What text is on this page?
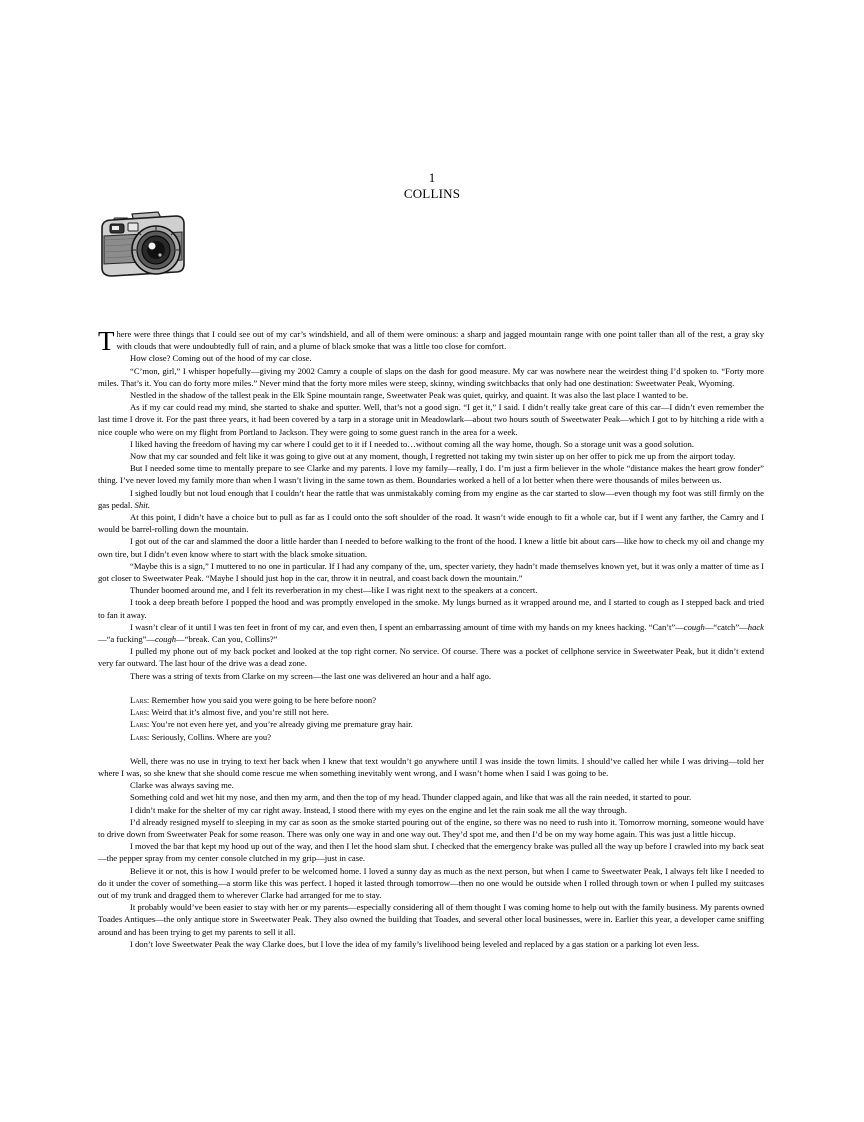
1
COLLINS

There were three things that I could see out of my car’s windshield, and all of them were ominous: a sharp and jagged mountain range with one point taller than all of the rest, a gray sky with clouds that were undoubtedly full of rain, and a plume of black smoke that was a little too close for comfort.

How close? Coming out of the hood of my car close.

“C’mon, girl,” I whisper hopefully—giving my 2002 Camry a couple of slaps on the dash for good measure. My car was nowhere near the weirdest thing I’d spoken to. “Forty more miles. That’s it. You can do forty more miles.” Never mind that the forty more miles were steep, skinny, winding switchbacks that only had one destination: Sweetwater Peak, Wyoming.

Nestled in the shadow of the tallest peak in the Elk Spine mountain range, Sweetwater Peak was quiet, quirky, and quaint. It was also the last place I wanted to be.

As if my car could read my mind, she started to shake and sputter. Well, that’s not a good sign. “I get it,” I said. I didn’t really take great care of this car—I didn’t even remember the last time I drove it. For the past three years, it had been covered by a tarp in a storage unit in Meadowlark—about two hours south of Sweetwater Peak—which I got to by hitching a ride with a nice couple who were on my flight from Portland to Jackson. They were going to some guest ranch in the area for a week.

I liked having the freedom of having my car where I could get to it if I needed to…without coming all the way home, though. So a storage unit was a good solution.

Now that my car sounded and felt like it was going to give out at any moment, though, I regretted not taking my twin sister up on her offer to pick me up from the airport today.

But I needed some time to mentally prepare to see Clarke and my parents. I love my family—really, I do. I’m just a firm believer in the whole “distance makes the heart grow fonder” thing. I’ve never loved my family more than when I wasn’t living in the same town as them. Boundaries worked a hell of a lot better when there were thousands of miles between us.

I sighed loudly but not loud enough that I couldn’t hear the rattle that was unmistakably coming from my engine as the car started to slow—even though my foot was still firmly on the gas pedal. Shit.

At this point, I didn’t have a choice but to pull as far as I could onto the soft shoulder of the road. It wasn’t wide enough to fit a whole car, but if I went any farther, the Camry and I would be barrel-rolling down the mountain.

I got out of the car and slammed the door a little harder than I needed to before walking to the front of the hood. I knew a little bit about cars—like how to check my oil and change my own tire, but I didn’t even know where to start with the black smoke situation.

“Maybe this is a sign,” I muttered to no one in particular. If I had any company of the, um, specter variety, they hadn’t made themselves known yet, but it was only a matter of time as I got closer to Sweetwater Peak. “Maybe I should just hop in the car, throw it in neutral, and coast back down the mountain.”

Thunder boomed around me, and I felt its reverberation in my chest—like I was right next to the speakers at a concert.

I took a deep breath before I popped the hood and was promptly enveloped in the smoke. My lungs burned as it wrapped around me, and I started to cough as I stepped back and tried to fan it away.

I wasn’t clear of it until I was ten feet in front of my car, and even then, I spent an embarrassing amount of time with my hands on my knees hacking. “Can’t”—cough—“catch”—hack—“a fucking”—cough—“break. Can you, Collins?”

I pulled my phone out of my back pocket and looked at the top right corner. No service. Of course. There was a pocket of cellphone service in Sweetwater Peak, but it didn’t extend very far outward. The last hour of the drive was a dead zone.

There was a string of texts from Clarke on my screen—the last one was delivered an hour and a half ago.

Lars: Remember how you said you were going to be here before noon?

Lars: Weird that it’s almost five, and you’re still not here.

Lars: You’re not even here yet, and you’re already giving me premature gray hair.

Lars: Seriously, Collins. Where are you?

Well, there was no use in trying to text her back when I knew that text wouldn’t go anywhere until I was inside the town limits. I should’ve called her while I was driving—told her where I was, so she knew that she should come rescue me when something inevitably went wrong, and I wasn’t home when I said I was going to be.

Clarke was always saving me.

Something cold and wet hit my nose, and then my arm, and then the top of my head. Thunder clapped again, and like that was all the rain needed, it started to pour.

I didn’t make for the shelter of my car right away. Instead, I stood there with my eyes on the engine and let the rain soak me all the way through.

I’d already resigned myself to sleeping in my car as soon as the smoke started pouring out of the engine, so there was no need to rush into it. Tomorrow morning, someone would have to drive down from Sweetwater Peak for some reason. There was only one way in and one way out. They’d spot me, and then I’d be on my way home again. This was just a little hiccup.

I moved the bar that kept my hood up out of the way, and then I let the hood slam shut. I checked that the emergency brake was pulled all the way up before I crawled into my back seat—the pepper spray from my center console clutched in my grip—just in case.

Believe it or not, this is how I would prefer to be welcomed home. I loved a sunny day as much as the next person, but when I came to Sweetwater Peak, I always felt like I needed to do it under the cover of something—a storm like this was perfect. I hoped it lasted through tomorrow—then no one would be outside when I rolled through town or when I pulled my suitcases out of my trunk and dragged them to wherever Clarke had arranged for me to stay.

It probably would’ve been easier to stay with her or my parents—especially considering all of them thought I was coming home to help out with the family business. My parents owned Toades Antiques—the only antique store in Sweetwater Peak. They also owned the building that Toades, and several other local businesses, were in. Earlier this year, a developer came sniffing around and has been trying to get my parents to sell it all.

I don’t love Sweetwater Peak the way Clarke does, but I love the idea of my family’s livelihood being leveled and replaced by a gas station or a parking lot even less.
